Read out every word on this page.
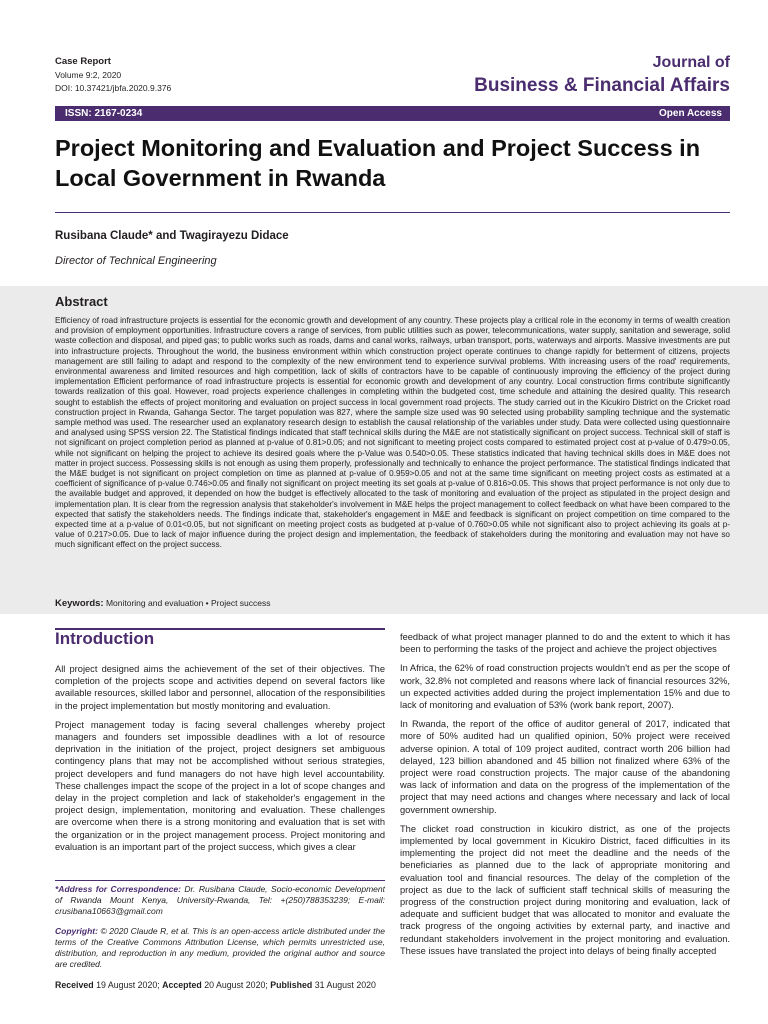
Case Report
Volume 9:2, 2020
DOI: 10.37421/jbfa.2020.9.376
Journal of
Business & Financial Affairs
ISSN: 2167-0234	Open Access
Project Monitoring and Evaluation and Project Success in Local Government in Rwanda
Rusibana Claude* and Twagirayezu Didace
Director of Technical Engineering
Abstract
Efficiency of road infrastructure projects is essential for the economic growth and development of any country. These projects play a critical role in the economy in terms of wealth creation and provision of employment opportunities. Infrastructure covers a range of services, from public utilities such as power, telecommunications, water supply, sanitation and sewerage, solid waste collection and disposal, and piped gas; to public works such as roads, dams and canal works, railways, urban transport, ports, waterways and airports. Massive investments are put into infrastructure projects. Throughout the world, the business environment within which construction project operate continues to change rapidly for betterment of citizens, projects management are still failing to adapt and respond to the complexity of the new environment tend to experience survival problems. With increasing users of the road' requirements, environmental awareness and limited resources and high competition, lack of skills of contractors have to be capable of continuously improving the efficiency of the project during implementation Efficient performance of road infrastructure projects is essential for economic growth and development of any country. Local construction firms contribute significantly towards realization of this goal. However, road projects experience challenges in completing within the budgeted cost, time schedule and attaining the desired quality. This research sought to establish the effects of project monitoring and evaluation on project success in local government road projects. The study carried out in the Kicukiro District on the Cricket road construction project in Rwanda, Gahanga Sector. The target population was 827, where the sample size used was 90 selected using probability sampling technique and the systematic sample method was used. The researcher used an explanatory research design to establish the causal relationship of the variables under study. Data were collected using questionnaire and analysed using SPSS version 22. The Statistical findings indicated that staff technical skills during the M&E are not statistically significant on project success. Technical skill of staff is not significant on project completion period as planned at p-value of 0.81>0.05; and not significant to meeting project costs compared to estimated project cost at p-value of 0.479>0.05, while not significant on helping the project to achieve its desired goals where the p-Value was 0.540>0.05. These statistics indicated that having technical skills does in M&E does not matter in project success. Possessing skills is not enough as using them properly, professionally and technically to enhance the project performance. The statistical findings indicated that the M&E budget is not significant on project completion on time as planned at p-value of 0.959>0.05 and not at the same time significant on meeting project costs as estimated at a coefficient of significance of p-value 0.746>0.05 and finally not significant on project meeting its set goals at p-value of 0.816>0.05. This shows that project performance is not only due to the available budget and approved, it depended on how the budget is effectively allocated to the task of monitoring and evaluation of the project as stipulated in the project design and implementation plan. It is clear from the regression analysis that stakeholder's involvement in M&E helps the project management to collect feedback on what have been compared to the expected that satisfy the stakeholders needs. The findings indicate that, stakeholder's engagement in M&E and feedback is significant on project competition on time compared to the expected time at a p-value of 0.01<0.05, but not significant on meeting project costs as budgeted at p-value of 0.760>0.05 while not significant also to project achieving its goals at p-value of 0.217>0.05. Due to lack of major influence during the project design and implementation, the feedback of stakeholders during the monitoring and evaluation may not have so much significant effect on the project success.
Keywords: Monitoring and evaluation • Project success
Introduction

All project designed aims the achievement of the set of their objectives. The completion of the projects scope and activities depend on several factors like available resources, skilled labor and personnel, allocation of the responsibilities in the project implementation but mostly monitoring and evaluation.

Project management today is facing several challenges whereby project managers and founders set impossible deadlines with a lot of resource deprivation in the initiation of the project, project designers set ambiguous contingency plans that may not be accomplished without serious strategies, project developers and fund managers do not have high level accountability. These challenges impact the scope of the project in a lot of scope changes and delay in the project completion and lack of stakeholder's engagement in the project design, implementation, monitoring and evaluation. These challenges are overcome when there is a strong monitoring and evaluation that is set with the organization or in the project management process. Project monitoring and evaluation is an important part of the project success, which gives a clear

feedback of what project manager planned to do and the extent to which it has been to performing the tasks of the project and achieve the project objectives

In Africa, the 62% of road construction projects wouldn't end as per the scope of work, 32.8% not completed and reasons where lack of financial resources 32%, un expected activities added during the project implementation 15% and due to lack of monitoring and evaluation of 53% (work bank report, 2007).

In Rwanda, the report of the office of auditor general of 2017, indicated that more of 50% audited had un qualified opinion, 50% project were received adverse opinion. A total of 109 project audited, contract worth 206 billion had delayed, 123 billion abandoned and 45 billion not finalized where 63% of the project were road construction projects. The major cause of the abandoning was lack of information and data on the progress of the implementation of the project that may need actions and changes where necessary and lack of local government ownership.

The clicket road construction in kicukiro district, as one of the projects implemented by local government in Kicukiro District, faced difficulties in its implementing the project did not meet the deadline and the needs of the beneficiaries as planned due to the lack of appropriate monitoring and evaluation tool and financial resources. The delay of the completion of the project as due to the lack of sufficient staff technical skills of measuring the progress of the construction project during monitoring and evaluation, lack of adequate and sufficient budget that was allocated to monitor and evaluate the track progress of the ongoing activities by external party, and inactive and redundant stakeholders involvement in the project monitoring and evaluation. These issues have translated the project into delays of being finally accepted

*Address for Correspondence: Dr. Rusibana Claude, Socio-economic Development of Rwanda Mount Kenya, University-Rwanda, Tel: +(250)788353239; E-mail: crusibana10663@gmail.com
Copyright: © 2020 Claude R, et al. This is an open-access article distributed under the terms of the Creative Commons Attribution License, which permits unrestricted use, distribution, and reproduction in any medium, provided the original author and source are credited.
Received 19 August 2020; Accepted 20 August 2020; Published 31 August 2020
